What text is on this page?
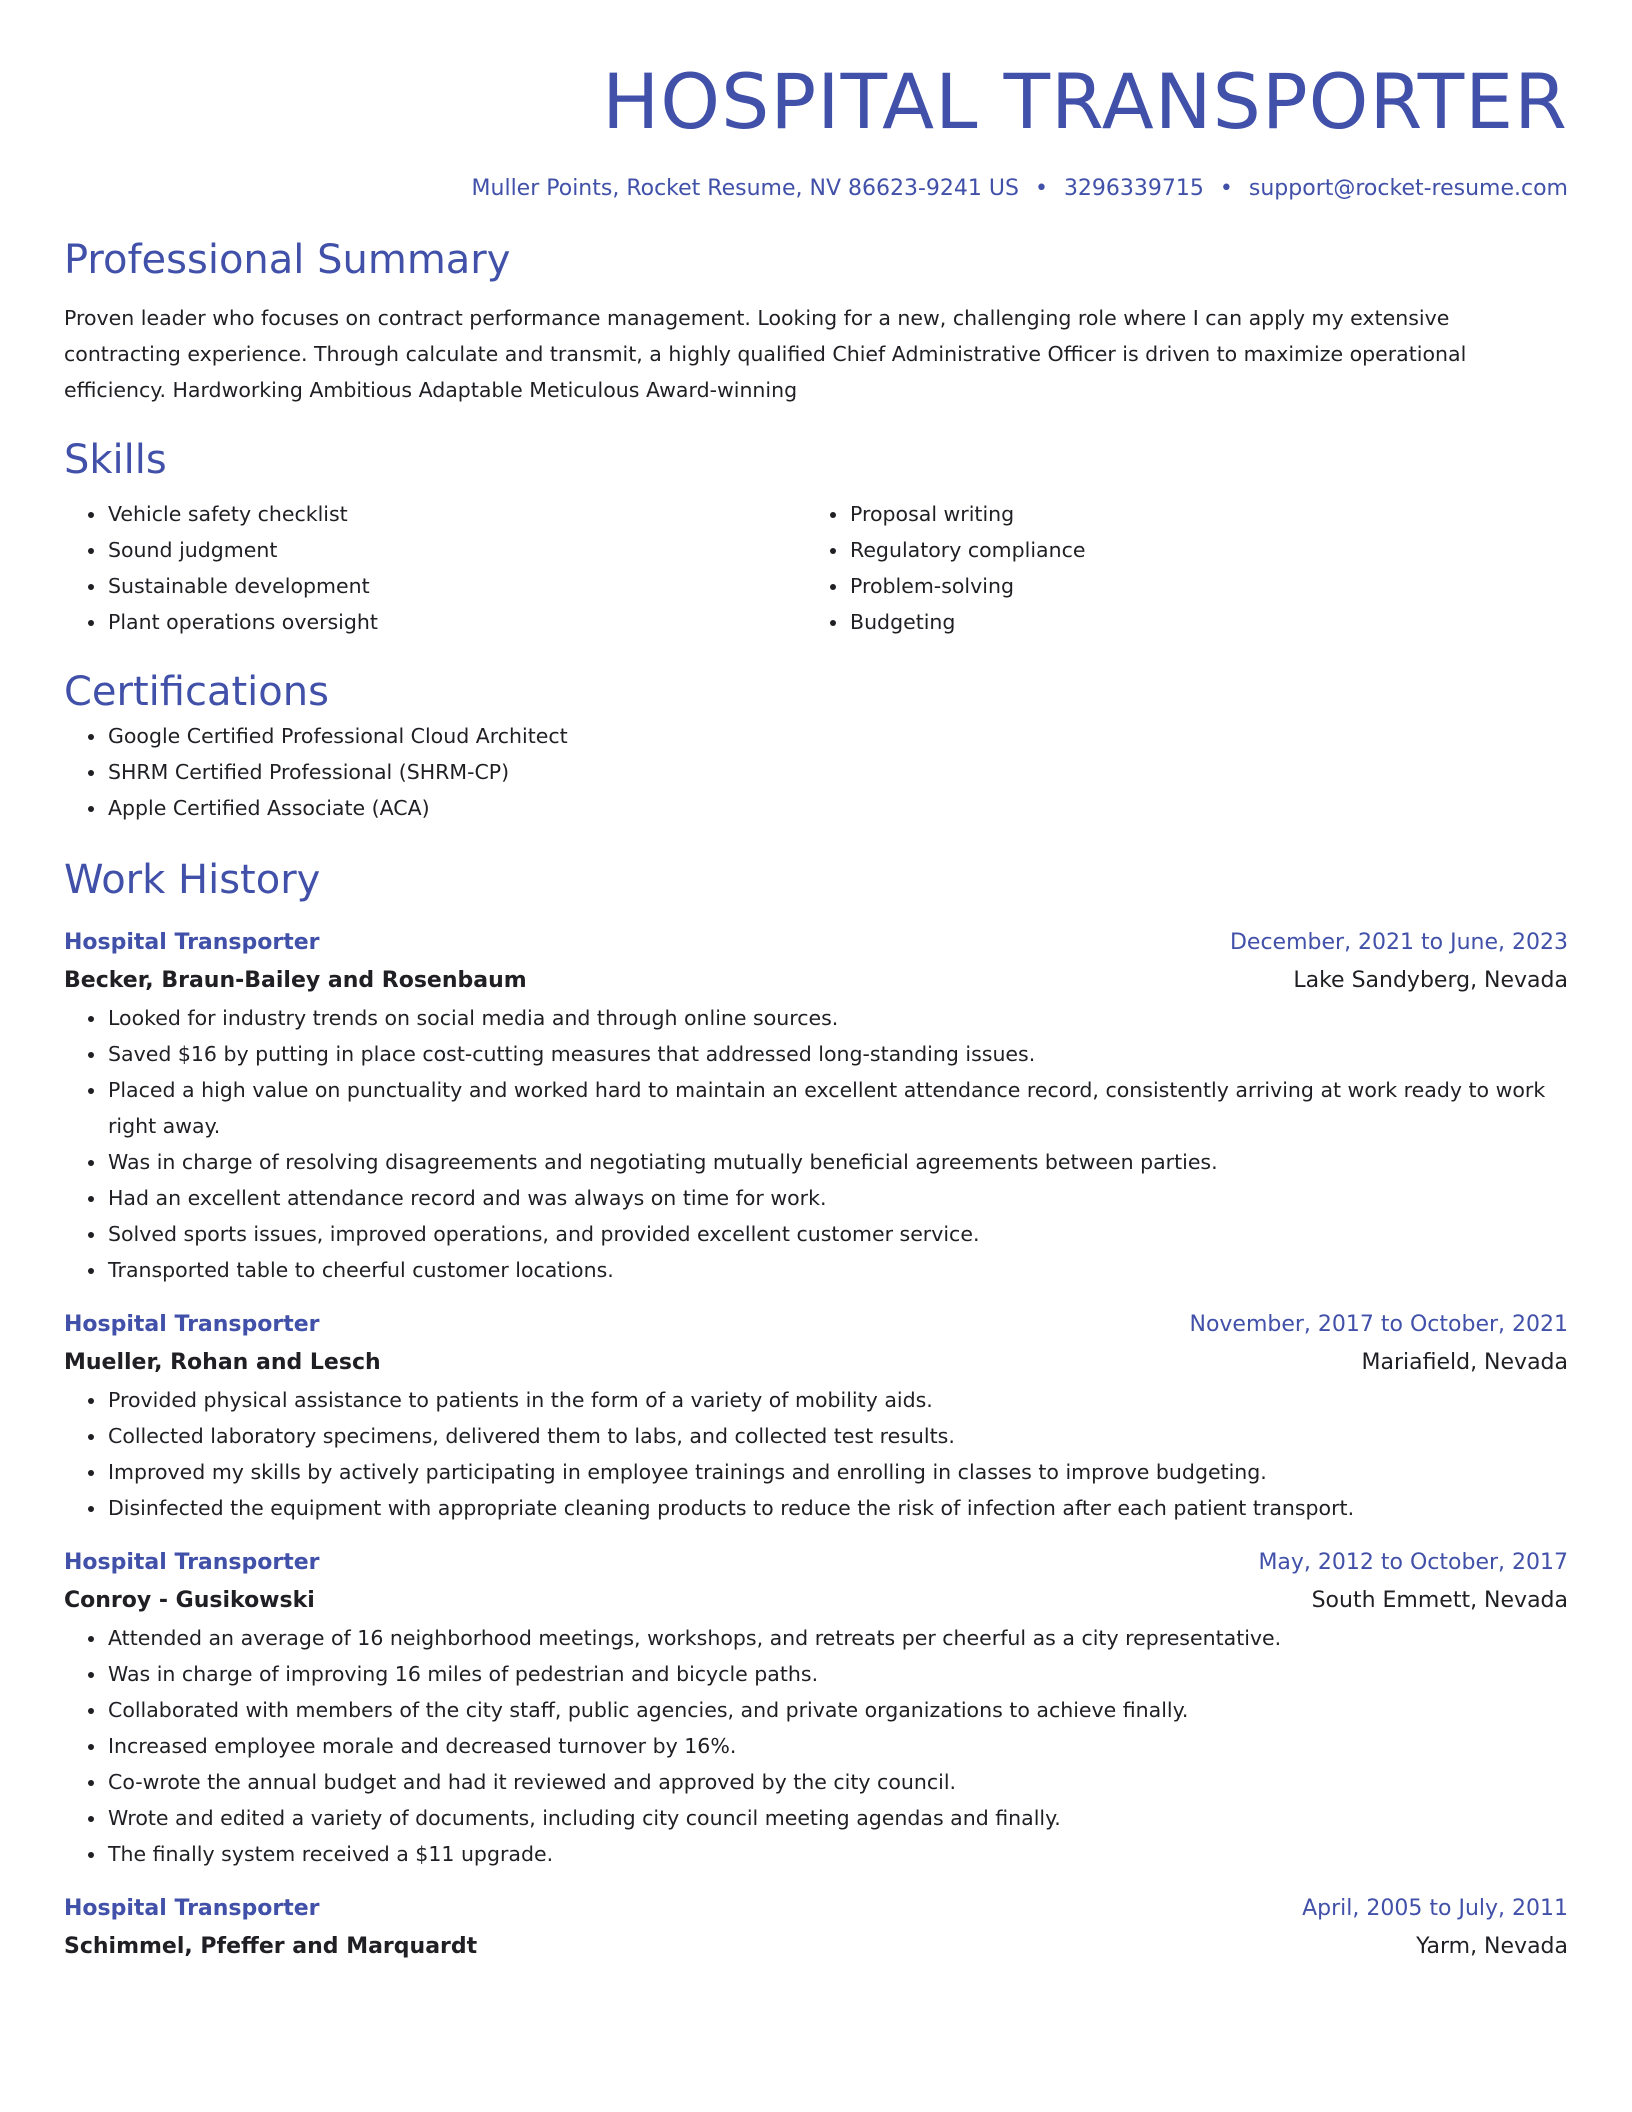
HOSPITAL TRANSPORTER
Muller Points, Rocket Resume, NV 86623-9241 US • 3296339715 • support@rocket-resume.com
Professional Summary
Proven leader who focuses on contract performance management. Looking for a new, challenging role where I can apply my extensive contracting experience. Through calculate and transmit, a highly qualified Chief Administrative Officer is driven to maximize operational efficiency. Hardworking Ambitious Adaptable Meticulous Award-winning
Skills
• Vehicle safety checklist
• Sound judgment
• Sustainable development
• Plant operations oversight
• Proposal writing
• Regulatory compliance
• Problem-solving
• Budgeting
Certifications
• Google Certified Professional Cloud Architect
• SHRM Certified Professional (SHRM-CP)
• Apple Certified Associate (ACA)
Work History
Hospital Transporter	December, 2021 to June, 2023
Becker, Braun-Bailey and Rosenbaum	Lake Sandyberg, Nevada
• Looked for industry trends on social media and through online sources.
• Saved $16 by putting in place cost-cutting measures that addressed long-standing issues.
• Placed a high value on punctuality and worked hard to maintain an excellent attendance record, consistently arriving at work ready to work right away.
• Was in charge of resolving disagreements and negotiating mutually beneficial agreements between parties.
• Had an excellent attendance record and was always on time for work.
• Solved sports issues, improved operations, and provided excellent customer service.
• Transported table to cheerful customer locations.
Hospital Transporter	November, 2017 to October, 2021
Mueller, Rohan and Lesch	Mariafield, Nevada
• Provided physical assistance to patients in the form of a variety of mobility aids.
• Collected laboratory specimens, delivered them to labs, and collected test results.
• Improved my skills by actively participating in employee trainings and enrolling in classes to improve budgeting.
• Disinfected the equipment with appropriate cleaning products to reduce the risk of infection after each patient transport.
Hospital Transporter	May, 2012 to October, 2017
Conroy - Gusikowski	South Emmett, Nevada
• Attended an average of 16 neighborhood meetings, workshops, and retreats per cheerful as a city representative.
• Was in charge of improving 16 miles of pedestrian and bicycle paths.
• Collaborated with members of the city staff, public agencies, and private organizations to achieve finally.
• Increased employee morale and decreased turnover by 16%.
• Co-wrote the annual budget and had it reviewed and approved by the city council.
• Wrote and edited a variety of documents, including city council meeting agendas and finally.
• The finally system received a $11 upgrade.
Hospital Transporter	April, 2005 to July, 2011
Schimmel, Pfeffer and Marquardt	Yarm, Nevada
